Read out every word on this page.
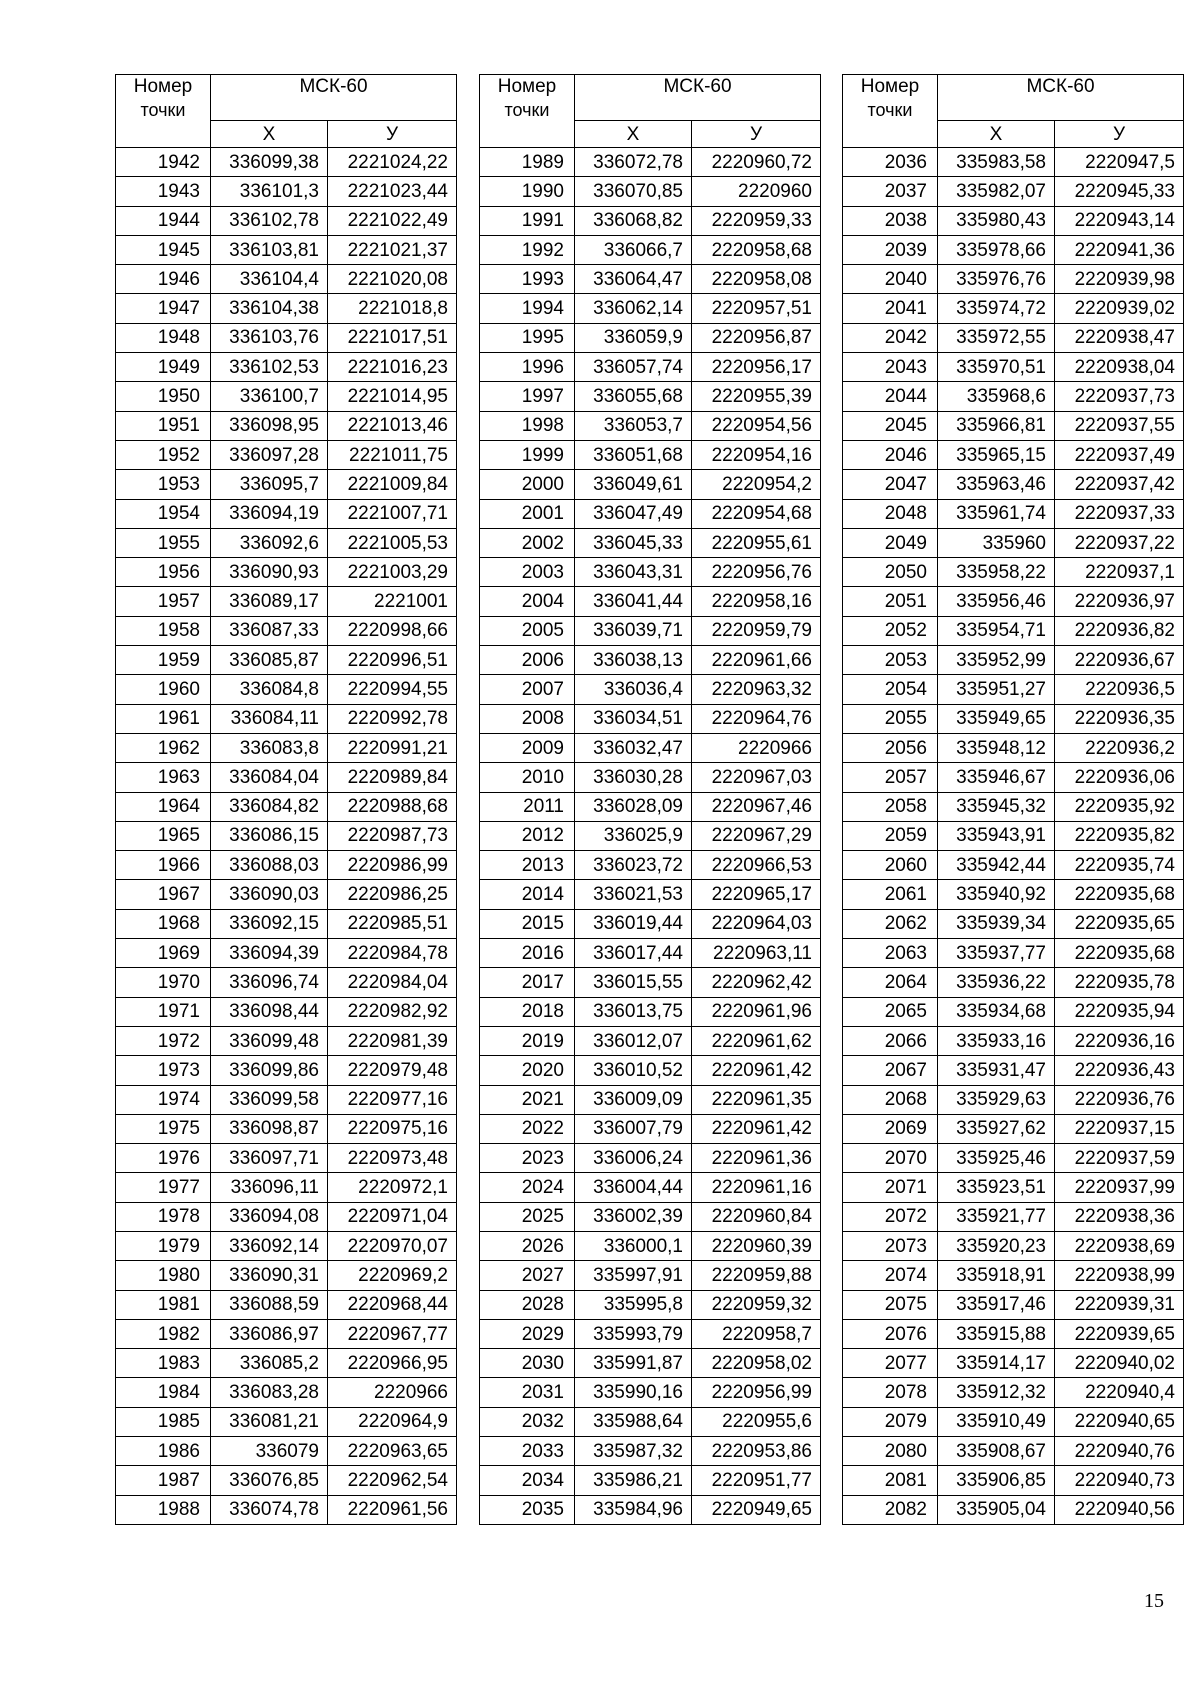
Номер
точки	МСК-60	
	Х	У
1942	336099,38	2221024,22
1943	336101,3	2221023,44
1944	336102,78	2221022,49
1945	336103,81	2221021,37
1946	336104,4	2221020,08
1947	336104,38	2221018,8
1948	336103,76	2221017,51
1949	336102,53	2221016,23
1950	336100,7	2221014,95
1951	336098,95	2221013,46
1952	336097,28	2221011,75
1953	336095,7	2221009,84
1954	336094,19	2221007,71
1955	336092,6	2221005,53
1956	336090,93	2221003,29
1957	336089,17	2221001
1958	336087,33	2220998,66
1959	336085,87	2220996,51
1960	336084,8	2220994,55
1961	336084,11	2220992,78
1962	336083,8	2220991,21
1963	336084,04	2220989,84
1964	336084,82	2220988,68
1965	336086,15	2220987,73
1966	336088,03	2220986,99
1967	336090,03	2220986,25
1968	336092,15	2220985,51
1969	336094,39	2220984,78
1970	336096,74	2220984,04
1971	336098,44	2220982,92
1972	336099,48	2220981,39
1973	336099,86	2220979,48
1974	336099,58	2220977,16
1975	336098,87	2220975,16
1976	336097,71	2220973,48
1977	336096,11	2220972,1
1978	336094,08	2220971,04
1979	336092,14	2220970,07
1980	336090,31	2220969,2
1981	336088,59	2220968,44
1982	336086,97	2220967,77
1983	336085,2	2220966,95
1984	336083,28	2220966
1985	336081,21	2220964,9
1986	336079	2220963,65
1987	336076,85	2220962,54
1988	336074,78	2220961,56
Номер
точки	МСК-60	
	Х	У
1989	336072,78	2220960,72
1990	336070,85	2220960
1991	336068,82	2220959,33
1992	336066,7	2220958,68
1993	336064,47	2220958,08
1994	336062,14	2220957,51
1995	336059,9	2220956,87
1996	336057,74	2220956,17
1997	336055,68	2220955,39
1998	336053,7	2220954,56
1999	336051,68	2220954,16
2000	336049,61	2220954,2
2001	336047,49	2220954,68
2002	336045,33	2220955,61
2003	336043,31	2220956,76
2004	336041,44	2220958,16
2005	336039,71	2220959,79
2006	336038,13	2220961,66
2007	336036,4	2220963,32
2008	336034,51	2220964,76
2009	336032,47	2220966
2010	336030,28	2220967,03
2011	336028,09	2220967,46
2012	336025,9	2220967,29
2013	336023,72	2220966,53
2014	336021,53	2220965,17
2015	336019,44	2220964,03
2016	336017,44	2220963,11
2017	336015,55	2220962,42
2018	336013,75	2220961,96
2019	336012,07	2220961,62
2020	336010,52	2220961,42
2021	336009,09	2220961,35
2022	336007,79	2220961,42
2023	336006,24	2220961,36
2024	336004,44	2220961,16
2025	336002,39	2220960,84
2026	336000,1	2220960,39
2027	335997,91	2220959,88
2028	335995,8	2220959,32
2029	335993,79	2220958,7
2030	335991,87	2220958,02
2031	335990,16	2220956,99
2032	335988,64	2220955,6
2033	335987,32	2220953,86
2034	335986,21	2220951,77
2035	335984,96	2220949,65
Номер
точки	МСК-60	
	Х	У
2036	335983,58	2220947,5
2037	335982,07	2220945,33
2038	335980,43	2220943,14
2039	335978,66	2220941,36
2040	335976,76	2220939,98
2041	335974,72	2220939,02
2042	335972,55	2220938,47
2043	335970,51	2220938,04
2044	335968,6	2220937,73
2045	335966,81	2220937,55
2046	335965,15	2220937,49
2047	335963,46	2220937,42
2048	335961,74	2220937,33
2049	335960	2220937,22
2050	335958,22	2220937,1
2051	335956,46	2220936,97
2052	335954,71	2220936,82
2053	335952,99	2220936,67
2054	335951,27	2220936,5
2055	335949,65	2220936,35
2056	335948,12	2220936,2
2057	335946,67	2220936,06
2058	335945,32	2220935,92
2059	335943,91	2220935,82
2060	335942,44	2220935,74
2061	335940,92	2220935,68
2062	335939,34	2220935,65
2063	335937,77	2220935,68
2064	335936,22	2220935,78
2065	335934,68	2220935,94
2066	335933,16	2220936,16
2067	335931,47	2220936,43
2068	335929,63	2220936,76
2069	335927,62	2220937,15
2070	335925,46	2220937,59
2071	335923,51	2220937,99
2072	335921,77	2220938,36
2073	335920,23	2220938,69
2074	335918,91	2220938,99
2075	335917,46	2220939,31
2076	335915,88	2220939,65
2077	335914,17	2220940,02
2078	335912,32	2220940,4
2079	335910,49	2220940,65
2080	335908,67	2220940,76
2081	335906,85	2220940,73
2082	335905,04	2220940,56
15
